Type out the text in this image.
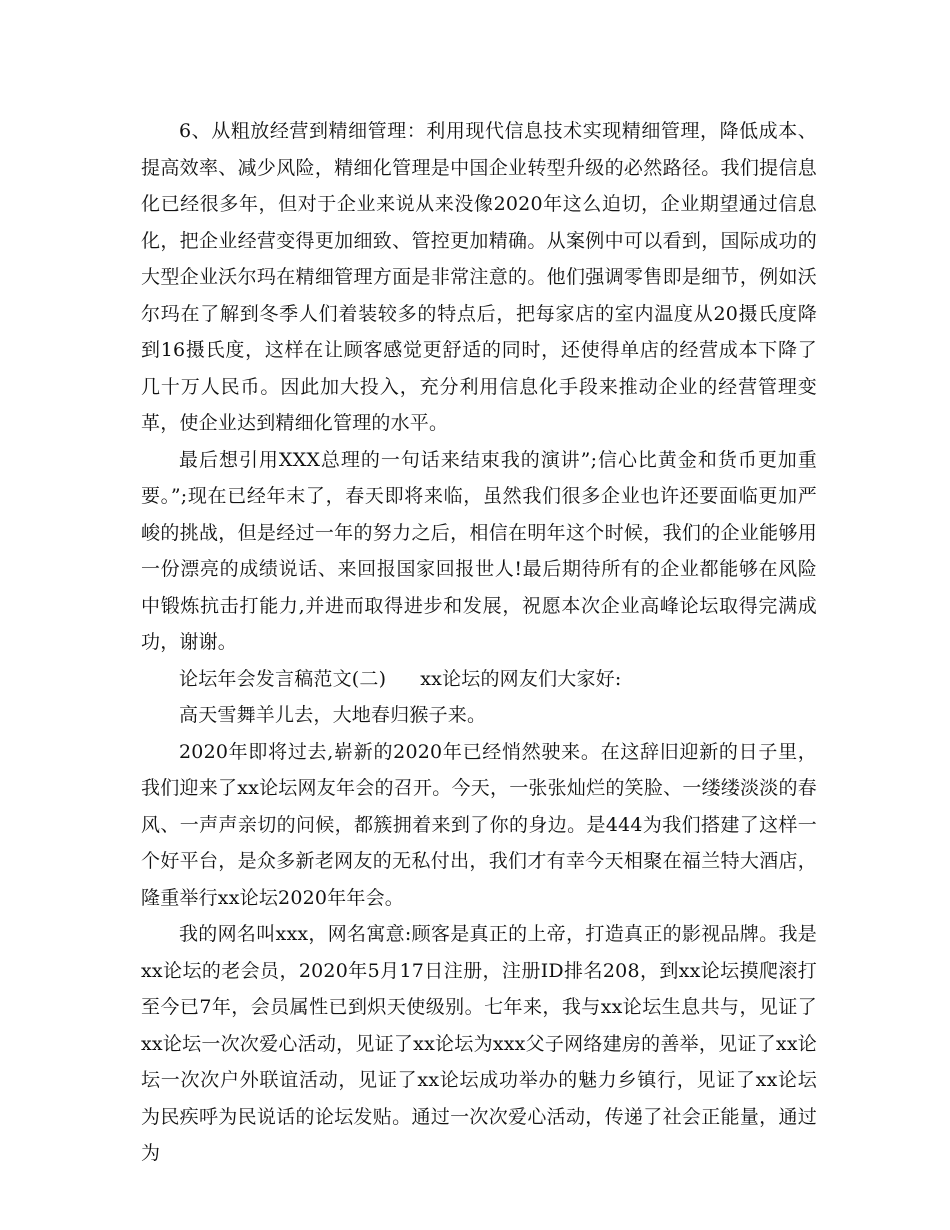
6、从粗放经营到精细管理：利用现代信息技术实现精细管理，降低成本、提高效率、减少风险，精细化管理是中国企业转型升级的必然路径。我们提信息化已经很多年，但对于企业来说从来没像2020年这么迫切，企业期望通过信息化，把企业经营变得更加细致、管控更加精确。从案例中可以看到，国际成功的大型企业沃尔玛在精细管理方面是非常注意的。他们强调零售即是细节，例如沃尔玛在了解到冬季人们着装较多的特点后，把每家店的室内温度从20摄氏度降到16摄氏度，这样在让顾客感觉更舒适的同时，还使得单店的经营成本下降了几十万人民币。因此加大投入，充分利用信息化手段来推动企业的经营管理变革，使企业达到精细化管理的水平。

最后想引用XXX总理的一句话来结束我的演讲”;信心比黄金和货币更加重要。”;现在已经年末了，春天即将来临，虽然我们很多企业也许还要面临更加严峻的挑战，但是经过一年的努力之后，相信在明年这个时候，我们的企业能够用一份漂亮的成绩说话、来回报国家回报世人!最后期待所有的企业都能够在风险中锻炼抗击打能力,并进而取得进步和发展，祝愿本次企业高峰论坛取得完满成功，谢谢。

论坛年会发言稿范文(二) xx论坛的网友们大家好:

高天雪舞羊儿去，大地春归猴子来。

2020年即将过去,崭新的2020年已经悄然驶来。在这辞旧迎新的日子里，我们迎来了xx论坛网友年会的召开。今天，一张张灿烂的笑脸、一缕缕淡淡的春风、一声声亲切的问候，都簇拥着来到了你的身边。是444为我们搭建了这样一个好平台，是众多新老网友的无私付出，我们才有幸今天相聚在福兰特大酒店，隆重举行xx论坛2020年年会。

我的网名叫xxx，网名寓意:顾客是真正的上帝，打造真正的影视品牌。我是xx论坛的老会员，2020年5月17日注册，注册ID排名208，到xx论坛摸爬滚打至今已7年，会员属性已到炽天使级别。七年来，我与xx论坛生息共与，见证了xx论坛一次次爱心活动，见证了xx论坛为xxx父子网络建房的善举，见证了xx论坛一次次户外联谊活动，见证了xx论坛成功举办的魅力乡镇行，见证了xx论坛为民疾呼为民说话的论坛发贴。通过一次次爱心活动，传递了社会正能量，通过为
